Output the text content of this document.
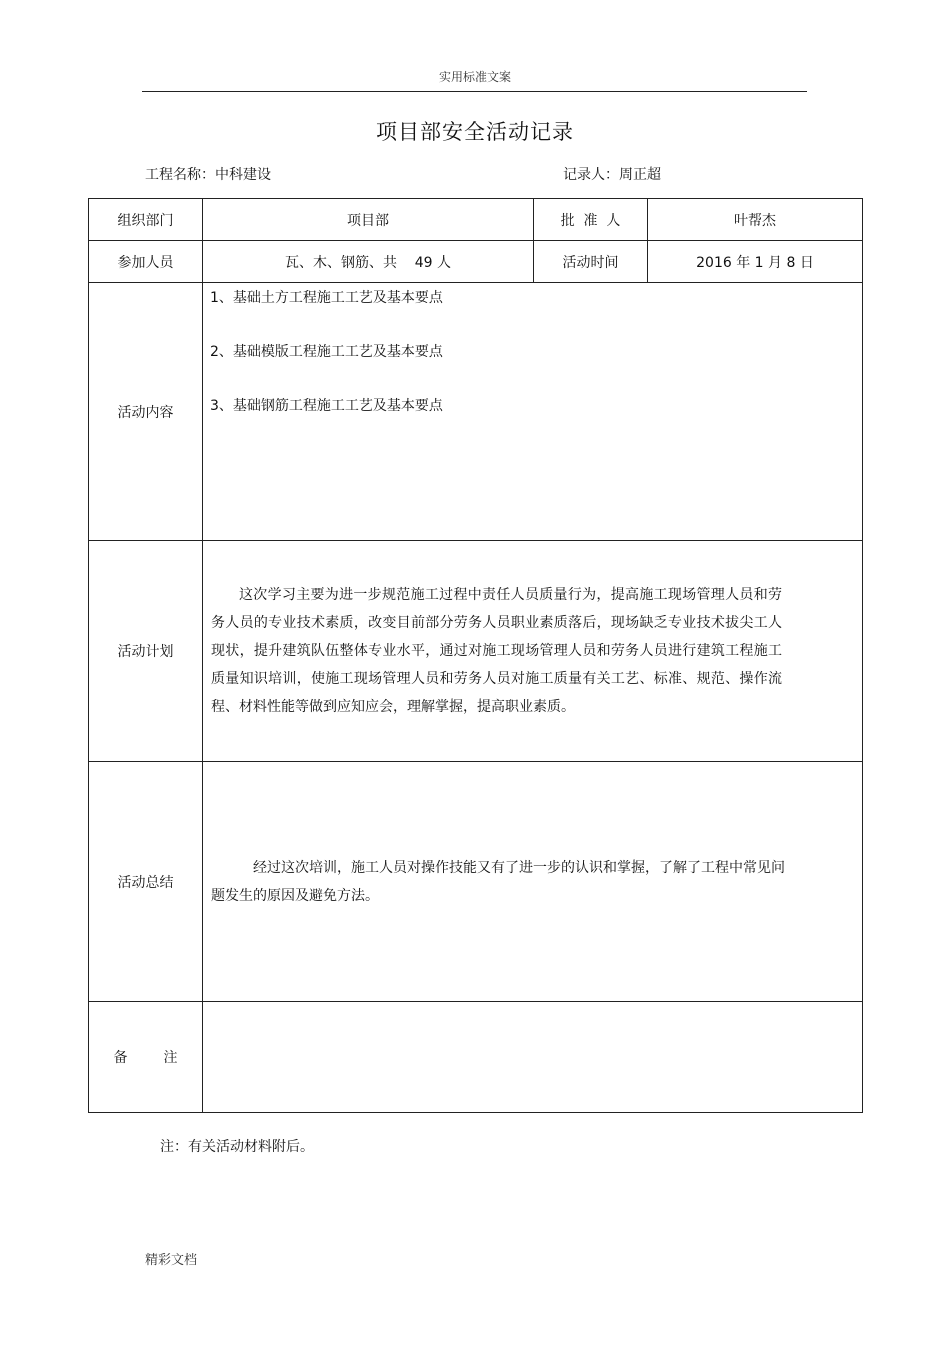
实用标准文案
项目部安全活动记录
工程名称：中科建设	记录人：周正超
组织部门	项目部	批  准  人	叶帮杰
参加人员	瓦、木、钢筋、共    49 人	活动时间	2016 年 1 月 8 日
活动内容	1、基础土方工程施工工艺及基本要点
2、基础模版工程施工工艺及基本要点
3、基础钢筋工程施工工艺及基本要点		

活动计划	这次学习主要为进一步规范施工过程中责任人员质量行为，提高施工现场管理人员和劳务人员的专业技术素质，改变目前部分劳务人员职业素质落后，现场缺乏专业技术拔尖工人现状，提升建筑队伍整体专业水平，通过对施工现场管理人员和劳务人员进行建筑工程施工质量知识培训，使施工现场管理人员和劳务人员对施工质量有关工艺、标准、规范、操作流程、材料性能等做到应知应会，理解掌握，提高职业素质。		

活动总结	经过这次培训，施工人员对操作技能又有了进一步的认识和掌握，了解了工程中常见问题发生的原因及避免方法。		

备 注			
注：有关活动材料附后。
精彩文档
